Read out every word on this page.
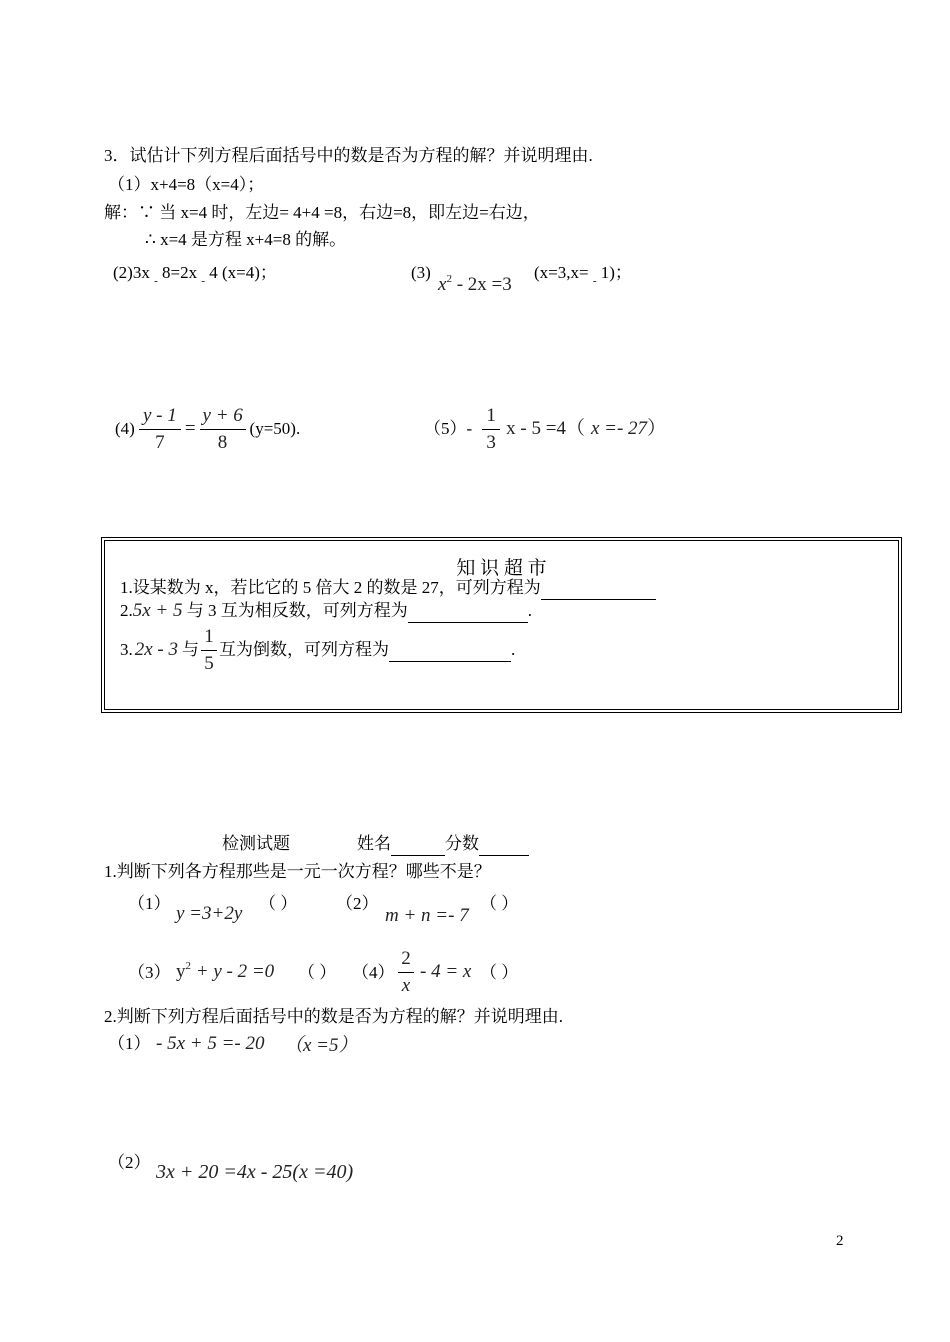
3．试估计下列方程后面括号中的数是否为方程的解？并说明理由.
（1）x+4=8（x=4）；
解：∵ 当 x=4 时，左边= 4+4 =8，右边=8，即左边=右边，
∴ x=4 是方程 x+4=8 的解。
(2)3x $_-$ 8=2x $_-$ 4 (x=4)；	(3)
$x^2 - 2x =3$
(x=3,x= $_-$ 1)；
$(4) \frac{y - 1}{7} = \frac{y + 6}{8} (y=50)$.	$(5)- \frac{1}{3}$ x - 5 =4（ x =- 27 ）
知 识 超 市
1.设某数为 x，若比它的 5 倍大 2 的数是 27，可列方程为
2.5x + 5 与 3 互为相反数，可列方程为	.
3. 2x - 3 与 $\frac{1}{5}$ 互为倒数，可列方程为
	.
检测试题	姓名	分数
1.判断下列各方程那些是一元一次方程？哪些不是？
（1） y =3+2y （ ） （2）
m + n =- 7
（ ）
（3） $y^2 + y - 2 =0$ （ ） $(4) \frac{2}{x} - 4 = x$ （ ）
2.判断下列方程后面括号中的数是否为方程的解？并说明理由.
（1） - 5x + 5 =- 20 （x =5）
（2） 3x + 20 =4x - 25(x =40)
2
